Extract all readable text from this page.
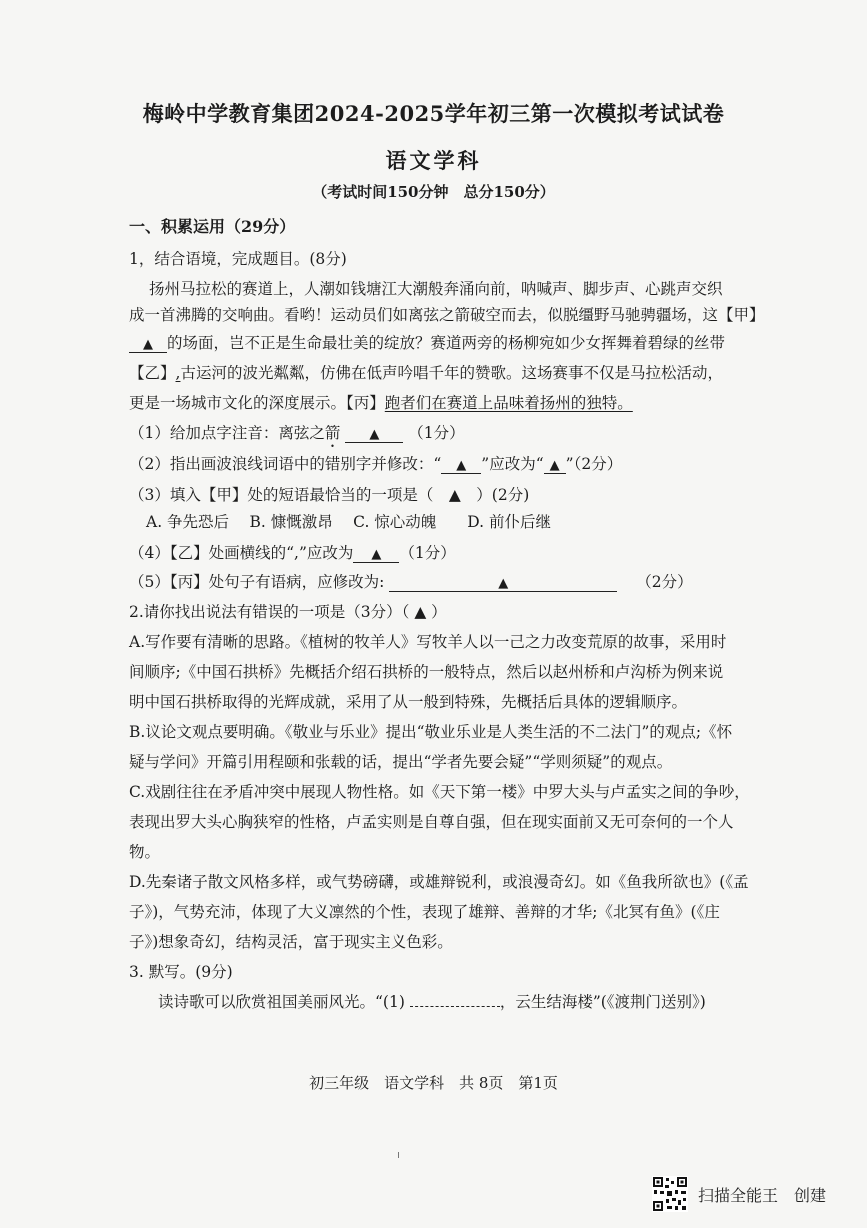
梅岭中学教育集团2024-2025学年初三第一次模拟考试试卷
语文学科
（考试时间150分钟　总分150分）
一、积累运用（29分）
1，结合语境，完成题目。(8分)
扬州马拉松的赛道上，人潮如钱塘江大潮般奔涌向前，呐喊声、脚步声、心跳声交织
成一首沸腾的交响曲。看哟！运动员们如离弦之箭破空而去，似脱缰野马驰骋疆场，这【甲】
▲ 的场面，岂不正是生命最壮美的绽放？赛道两旁的杨柳宛如少女挥舞着碧绿的丝带
【乙】,古运河的波光粼粼，仿佛在低声吟唱千年的赞歌。这场赛事不仅是马拉松活动，
更是一场城市文化的深度展示。【丙】跑者们在赛道上品味着扬州的独特。
（1）给加点字注音：离弦之箭 ▲ （1分）
（2）指出画波浪线词语中的错别字并修改：“ ▲ ”应改为“ ▲ ”（2分）
（3）填入【甲】处的短语最恰当的一项是（　▲　）(2分)
A. 争先恐后　 B. 慷慨激昂　 C. 惊心动魄　　D. 前仆后继
（4）【乙】处画横线的“,”应改为 ▲ （1分）
（5）【丙】处句子有语病，应修改为:	▲	（2分）
2.请你找出说法有错误的一项是（3分）（ ▲ ）
A.写作要有清晰的思路。《植树的牧羊人》写牧羊人以一己之力改变荒原的故事，采用时
间顺序;《中国石拱桥》先概括介绍石拱桥的一般特点，然后以赵州桥和卢沟桥为例来说
明中国石拱桥取得的光辉成就，采用了从一般到特殊，先概括后具体的逻辑顺序。
B.议论文观点要明确。《敬业与乐业》提出“敬业乐业是人类生活的不二法门”的观点;《怀
疑与学问》开篇引用程颐和张载的话，提出“学者先要会疑”“学则须疑”的观点。
C.戏剧往往在矛盾冲突中展现人物性格。如《天下第一楼》中罗大头与卢孟实之间的争吵，
表现出罗大头心胸狭窄的性格，卢孟实则是自尊自强，但在现实面前又无可奈何的一个人
物。
D.先秦诸子散文风格多样，或气势磅礴，或雄辩锐利，或浪漫奇幻。如《鱼我所欲也》(《孟
子》)，气势充沛，体现了大义凛然的个性，表现了雄辩、善辩的才华;《北冥有鱼》(《庄
子》)想象奇幻，结构灵活，富于现实主义色彩。
3. 默写。(9分)
读诗歌可以欣赏祖国美丽风光。“(1)	，云生结海楼”(《渡荆门送别》)
初三年级　语文学科　共 8页　第1页
扫描全能王　创建
